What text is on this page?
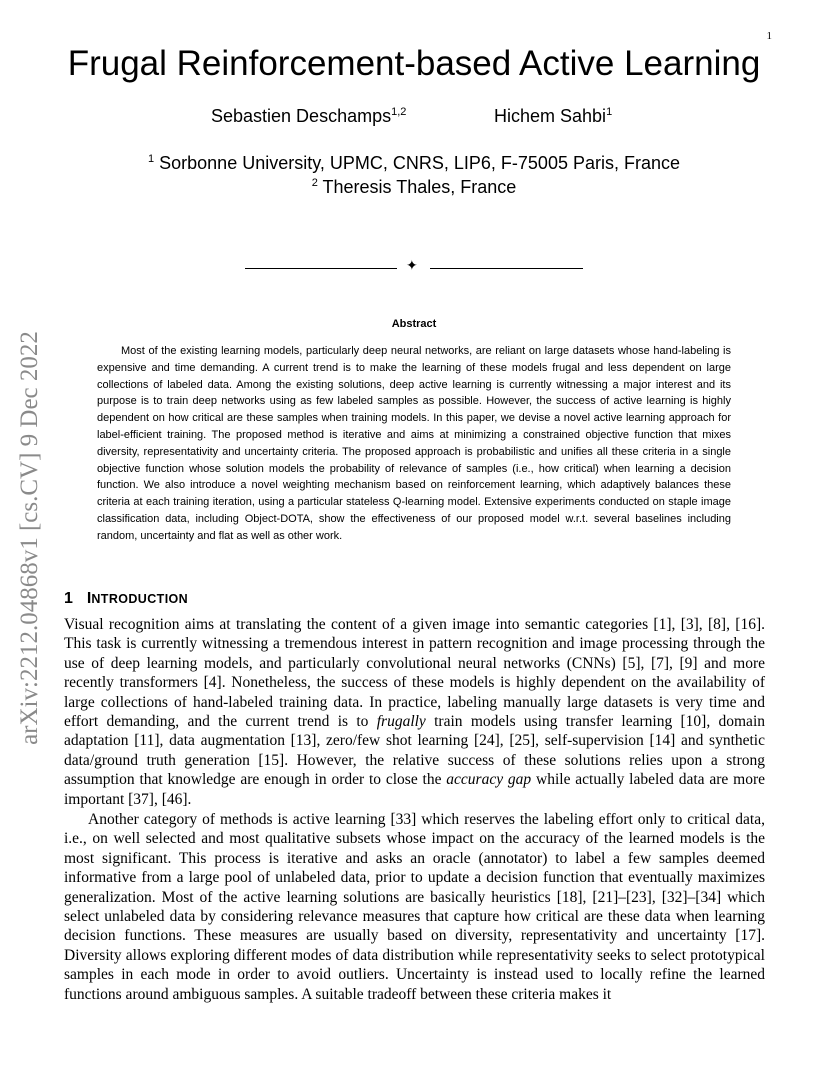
1
arXiv:2212.04868v1 [cs.CV] 9 Dec 2022
Frugal Reinforcement-based Active Learning
Sebastien Deschamps$^{1,2}$	Hichem Sahbi$^1$
$^1$ Sorbonne University, UPMC, CNRS, LIP6, F-75005 Paris, France
$^2$ Theresis Thales, France
✦
Abstract

Most of the existing learning models, particularly deep neural networks, are reliant on large datasets whose hand-labeling is expensive and time demanding. A current trend is to make the learning of these models frugal and less dependent on large collections of labeled data. Among the existing solutions, deep active learning is currently witnessing a major interest and its purpose is to train deep networks using as few labeled samples as possible. However, the success of active learning is highly dependent on how critical are these samples when training models. In this paper, we devise a novel active learning approach for label-efficient training. The proposed method is iterative and aims at minimizing a constrained objective function that mixes diversity, representativity and uncertainty criteria. The proposed approach is probabilistic and unifies all these criteria in a single objective function whose solution models the probability of relevance of samples (i.e., how critical) when learning a decision function. We also introduce a novel weighting mechanism based on reinforcement learning, which adaptively balances these criteria at each training iteration, using a particular stateless Q-learning model. Extensive experiments conducted on staple image classification data, including Object-DOTA, show the effectiveness of our proposed model w.r.t. several baselines including random, uncertainty and flat as well as other work.

1 INTRODUCTION

Visual recognition aims at translating the content of a given image into semantic categories [1], [3], [8], [16]. This task is currently witnessing a tremendous interest in pattern recognition and image processing through the use of deep learning models, and particularly convolutional neural networks (CNNs) [5], [7], [9] and more recently transformers [4]. Nonetheless, the success of these models is highly dependent on the availability of large collections of hand-labeled training data. In practice, labeling manually large datasets is very time and effort demanding, and the current trend is to frugally train models using transfer learning [10], domain adaptation [11], data augmentation [13], zero/few shot learning [24], [25], self-supervision [14] and synthetic data/ground truth generation [15]. However, the relative success of these solutions relies upon a strong assumption that knowledge are enough in order to close the accuracy gap while actually labeled data are more important [37], [46].

Another category of methods is active learning [33] which reserves the labeling effort only to critical data, i.e., on well selected and most qualitative subsets whose impact on the accuracy of the learned models is the most significant. This process is iterative and asks an oracle (annotator) to label a few samples deemed informative from a large pool of unlabeled data, prior to update a decision function that eventually maximizes generalization. Most of the active learning solutions are basically heuristics [18], [21]–[23], [32]–[34] which select unlabeled data by considering relevance measures that capture how critical are these data when learning decision functions. These measures are usually based on diversity, representativity and uncertainty [17]. Diversity allows exploring different modes of data distribution while representativity seeks to select prototypical samples in each mode in order to avoid outliers. Uncertainty is instead used to locally refine the learned functions around ambiguous samples. A suitable tradeoff between these criteria makes it
